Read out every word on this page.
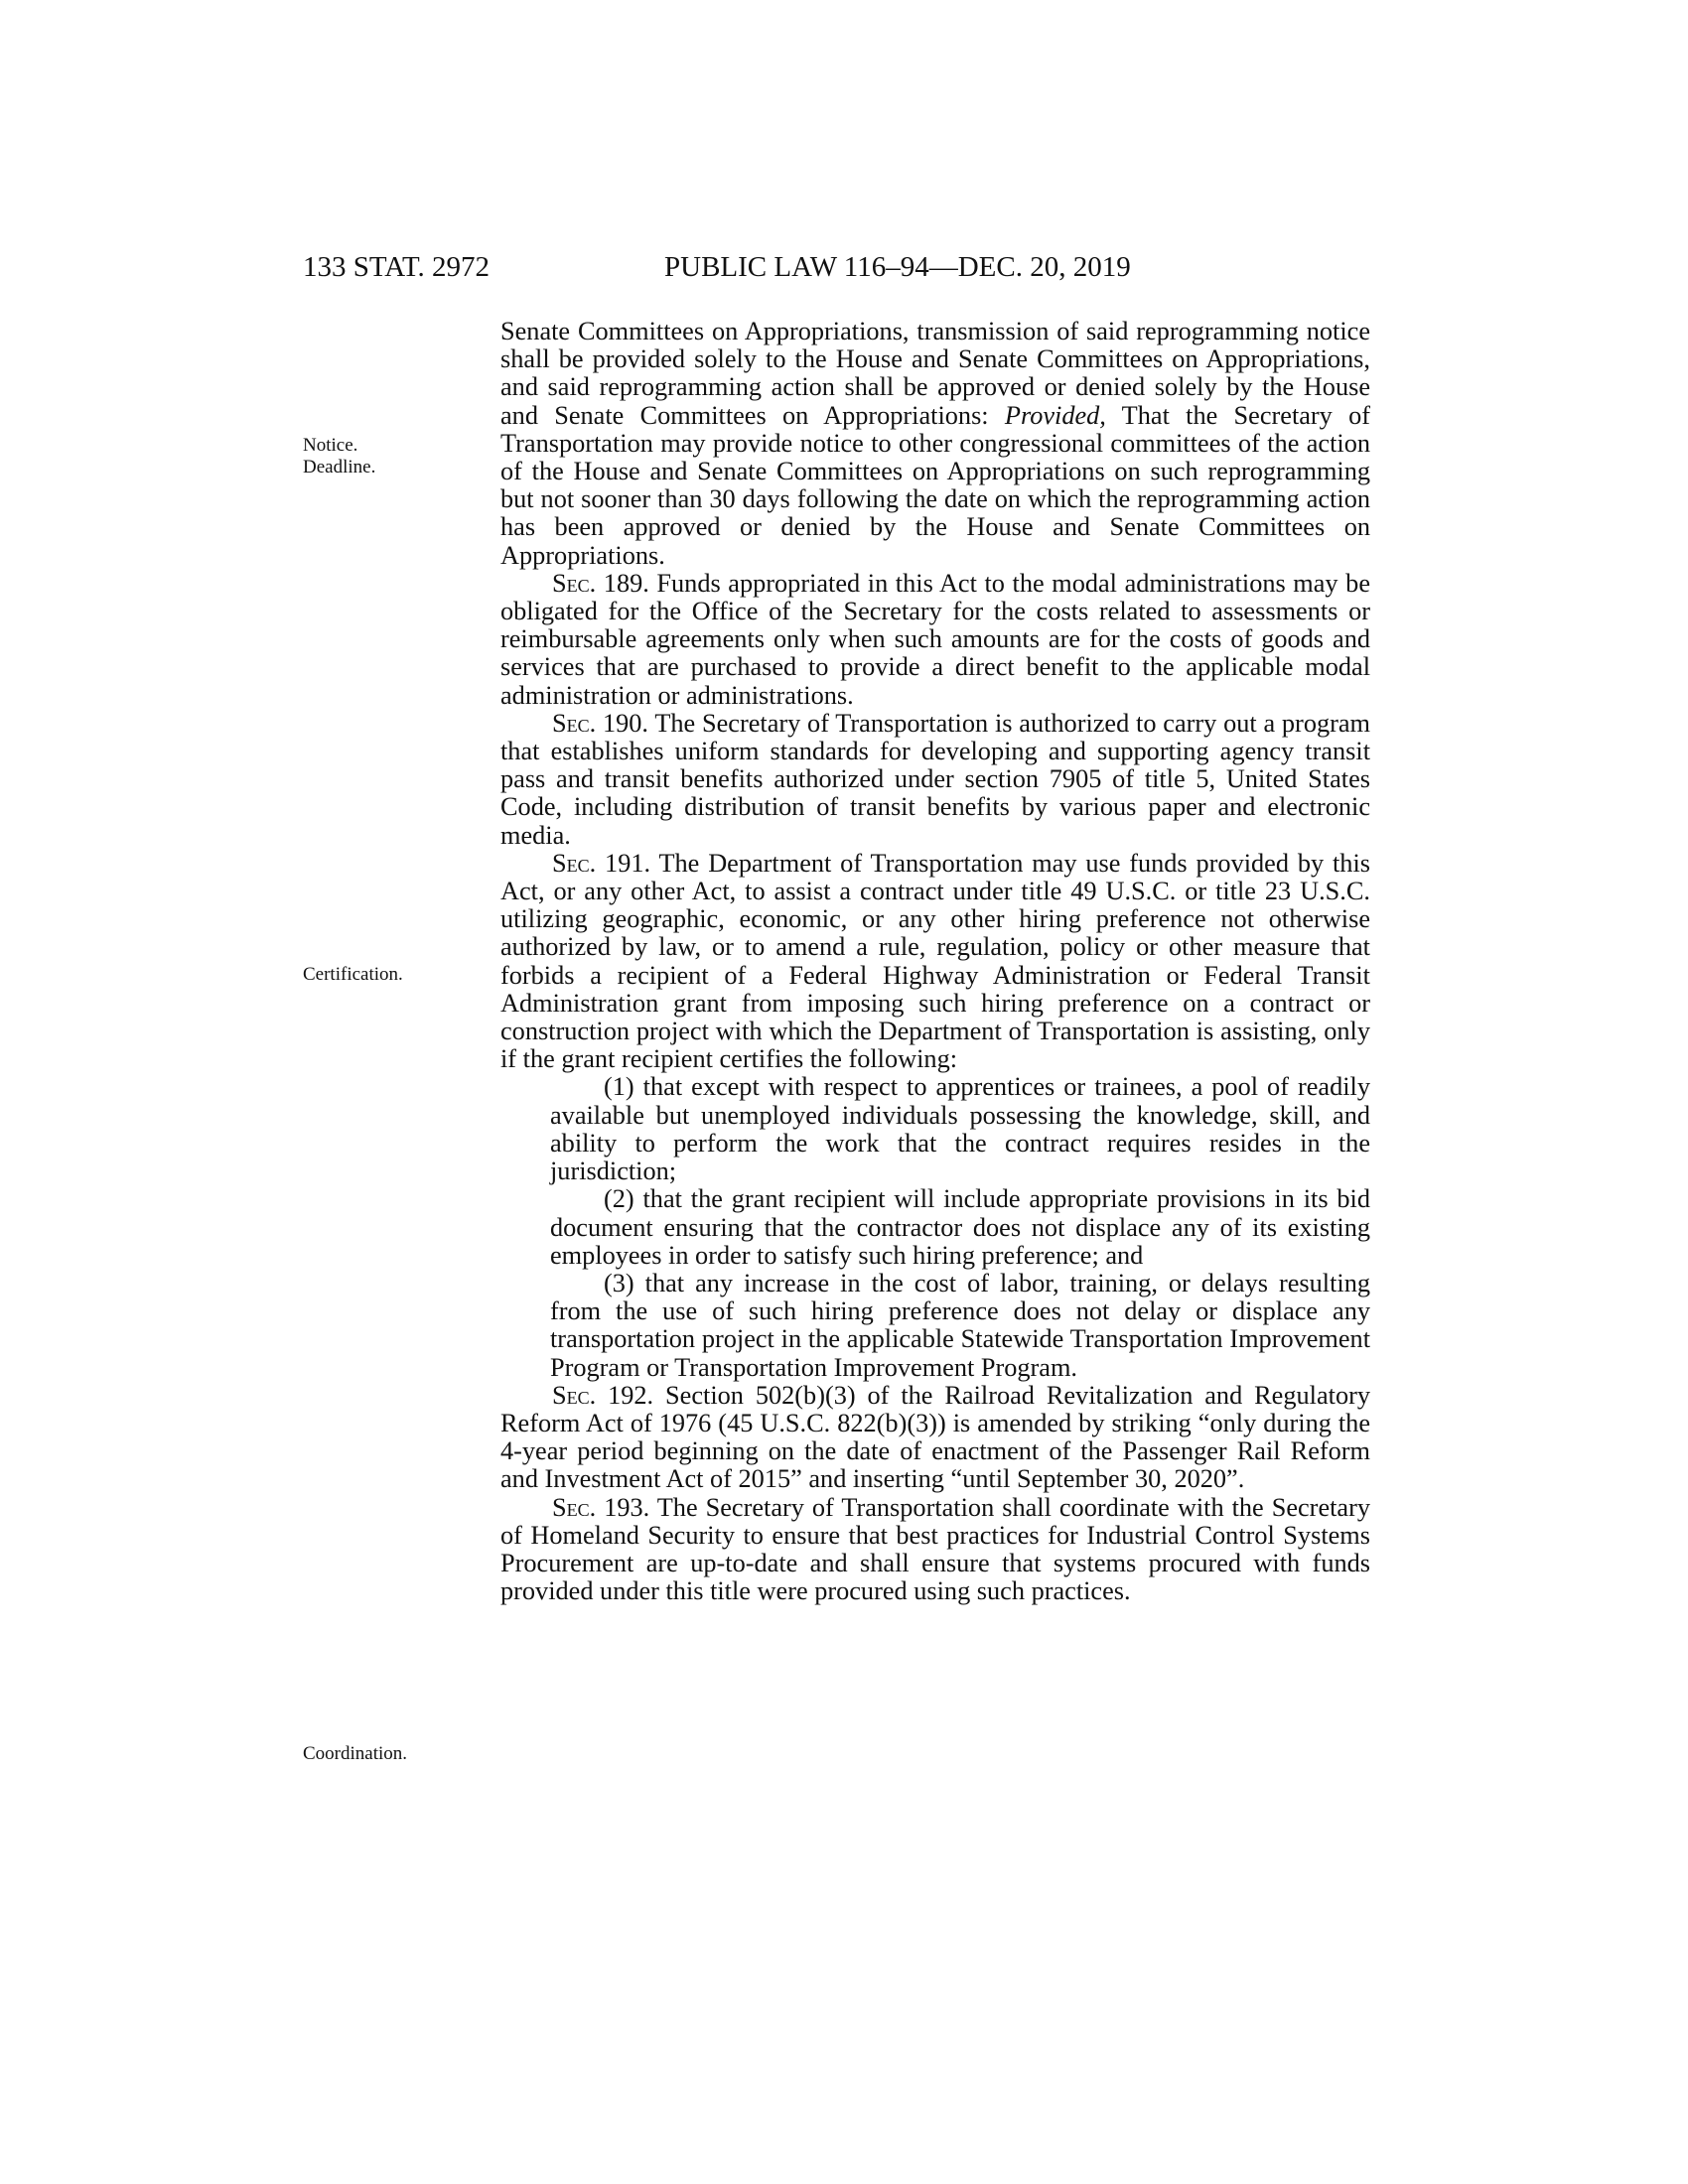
133 STAT. 2972	PUBLIC LAW 116–94—DEC. 20, 2019
Notice.
Deadline.
Certification.
Coordination.

Senate Committees on Appropriations, transmission of said reprogramming notice shall be provided solely to the House and Senate Committees on Appropriations, and said reprogramming action shall be approved or denied solely by the House and Senate Committees on Appropriations: Provided, That the Secretary of Transportation may provide notice to other congressional committees of the action of the House and Senate Committees on Appropriations on such reprogramming but not sooner than 30 days following the date on which the reprogramming action has been approved or denied by the House and Senate Committees on Appropriations.

Sec. 189. Funds appropriated in this Act to the modal administrations may be obligated for the Office of the Secretary for the costs related to assessments or reimbursable agreements only when such amounts are for the costs of goods and services that are purchased to provide a direct benefit to the applicable modal administration or administrations.

Sec. 190. The Secretary of Transportation is authorized to carry out a program that establishes uniform standards for developing and supporting agency transit pass and transit benefits authorized under section 7905 of title 5, United States Code, including distribution of transit benefits by various paper and electronic media.

Sec. 191. The Department of Transportation may use funds provided by this Act, or any other Act, to assist a contract under title 49 U.S.C. or title 23 U.S.C. utilizing geographic, economic, or any other hiring preference not otherwise authorized by law, or to amend a rule, regulation, policy or other measure that forbids a recipient of a Federal Highway Administration or Federal Transit Administration grant from imposing such hiring preference on a contract or construction project with which the Department of Transportation is assisting, only if the grant recipient certifies the following:

(1) that except with respect to apprentices or trainees, a pool of readily available but unemployed individuals possessing the knowledge, skill, and ability to perform the work that the contract requires resides in the jurisdiction;

(2) that the grant recipient will include appropriate provisions in its bid document ensuring that the contractor does not displace any of its existing employees in order to satisfy such hiring preference; and

(3) that any increase in the cost of labor, training, or delays resulting from the use of such hiring preference does not delay or displace any transportation project in the applicable Statewide Transportation Improvement Program or Transportation Improvement Program.

Sec. 192. Section 502(b)(3) of the Railroad Revitalization and Regulatory Reform Act of 1976 (45 U.S.C. 822(b)(3)) is amended by striking “only during the 4-year period beginning on the date of enactment of the Passenger Rail Reform and Investment Act of 2015” and inserting “until September 30, 2020”.

Sec. 193. The Secretary of Transportation shall coordinate with the Secretary of Homeland Security to ensure that best practices for Industrial Control Systems Procurement are up-to-date and shall ensure that systems procured with funds provided under this title were procured using such practices.
